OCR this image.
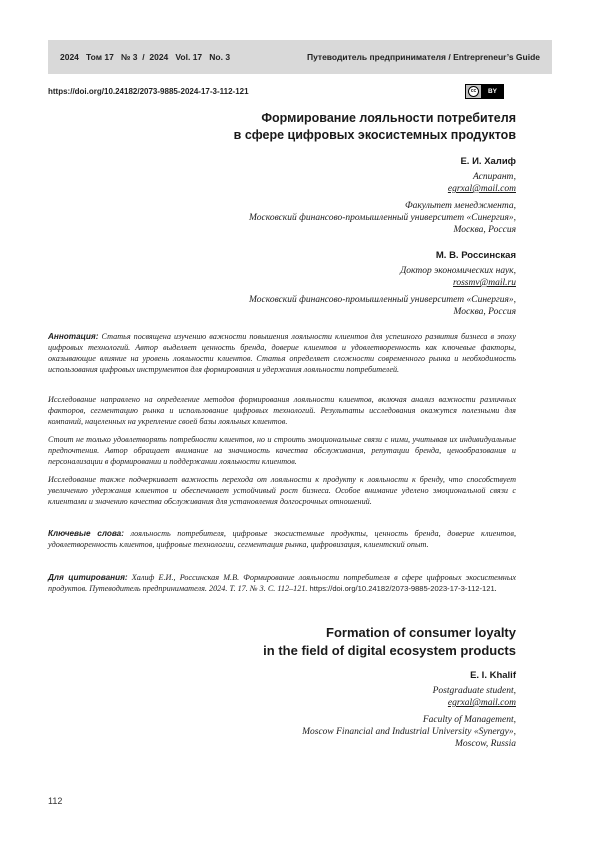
2024 Том 17 № 3 / 2024 Vol. 17 No. 3	Путеводитель предпринимателя / Entrepreneur’s Guide
https://doi.org/10.24182/2073-9885-2024-17-3-112-121	cc	BY
Формирование лояльности потребителя
в сфере цифровых экосистемных продуктов
Е. И. Халиф
Аспирант,
egrxal@mail.com
Факультет менеджмента,
Московский финансово-промышленный университет «Синергия»,
Москва, Россия
М. В. Россинская
Доктор экономических наук,
rossmv@mail.ru
Московский финансово-промышленный университет «Синергия»,
Москва, Россия
Аннотация: Статья посвящена изучению важности повышения лояльности клиентов для успешного развития бизнеса в эпоху цифровых технологий. Автор выделяет ценность бренда, доверие клиентов и удовлетворенность как ключевые факторы, оказывающие влияние на уровень лояльности клиентов. Статья определяет сложности современного рынка и необходимость использования цифровых инструментов для формирования и удержания лояльности потребителей.
Исследование направлено на определение методов формирования лояльности клиентов, включая анализ важности различных факторов, сегментацию рынка и использование цифровых технологий. Результаты исследования окажутся полезными для компаний, нацеленных на укрепление своей базы лояльных клиентов.
Стоит не только удовлетворять потребности клиентов, но и строить эмоциональные связи с ними, учитывая их индивидуальные предпочтения. Автор обращает внимание на значимость качества обслуживания, репутации бренда, ценообразования и персонализации в формировании и поддержании лояльности клиентов.
Исследование также подчеркивает важность перехода от лояльности к продукту к лояльности к бренду, что способствует увеличению удержания клиентов и обеспечивает устойчивый рост бизнеса. Особое внимание уделено эмоциональной связи с клиентами и значению качества обслуживания для установления долгосрочных отношений.
Ключевые слова: лояльность потребителя, цифровые экосистемные продукты, ценность бренда, доверие клиентов, удовлетворенность клиентов, цифровые технологии, сегментация рынка, цифровизация, клиентский опыт.
Для цитирования: Халиф Е.И., Россинская М.В. Формирование лояльности потребителя в сфере цифровых экосистемных продуктов. Путеводитель предпринимателя. 2024. Т. 17. № 3. С. 112–121. https://doi.org/10.24182/2073-9885-2023-17-3-112-121.
Formation of consumer loyalty
in the field of digital ecosystem products
E. I. Khalif
Postgraduate student,
egrxal@mail.com
Faculty of Management,
Moscow Financial and Industrial University «Synergy»,
Moscow, Russia
112
